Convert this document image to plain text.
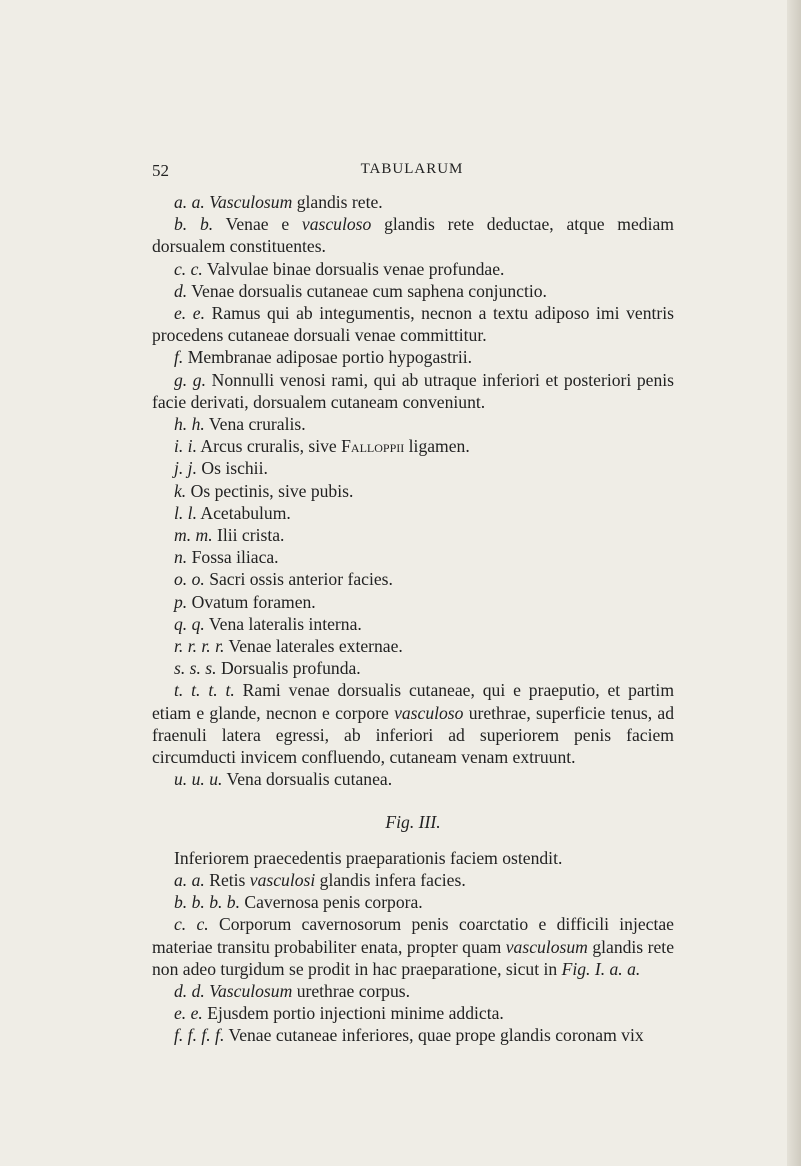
52	TABULARUM

a. a. Vasculosum glandis rete.

b. b. Venae e vasculoso glandis rete deductae, atque mediam dorsualem constituentes.

c. c. Valvulae binae dorsualis venae profundae.

d. Venae dorsualis cutaneae cum saphena conjunctio.

e. e. Ramus qui ab integumentis, necnon a textu adiposo imi ventris procedens cutaneae dorsuali venae committitur.

f. Membranae adiposae portio hypogastrii.

g. g. Nonnulli venosi rami, qui ab utraque inferiori et posteriori penis facie derivati, dorsualem cutaneam conveniunt.

h. h. Vena cruralis.

i. i. Arcus cruralis, sive Falloppii ligamen.

j. j. Os ischii.

k. Os pectinis, sive pubis.

l. l. Acetabulum.

m. m. Ilii crista.

n. Fossa iliaca.

o. o. Sacri ossis anterior facies.

p. Ovatum foramen.

q. q. Vena lateralis interna.

r. r. r. r. Venae laterales externae.

s. s. s. Dorsualis profunda.

t. t. t. t. Rami venae dorsualis cutaneae, qui e praeputio, et partim etiam e glande, necnon e corpore vasculoso urethrae, superficie tenus, ad fraenuli latera egressi, ab inferiori ad superiorem penis faciem circumducti invicem confluendo, cutaneam venam extruunt.

u. u. u. Vena dorsualis cutanea.

Fig. III.

Inferiorem praecedentis praeparationis faciem ostendit.

a. a. Retis vasculosi glandis infera facies.

b. b. b. b. Cavernosa penis corpora.

c. c. Corporum cavernosorum penis coarctatio e difficili injectae materiae transitu probabiliter enata, propter quam vasculosum glandis rete non adeo turgidum se prodit in hac praeparatione, sicut in Fig. I. a. a.

d. d. Vasculosum urethrae corpus.

e. e. Ejusdem portio injectioni minime addicta.

f. f. f. f. Venae cutaneae inferiores, quae prope glandis coronam vix
